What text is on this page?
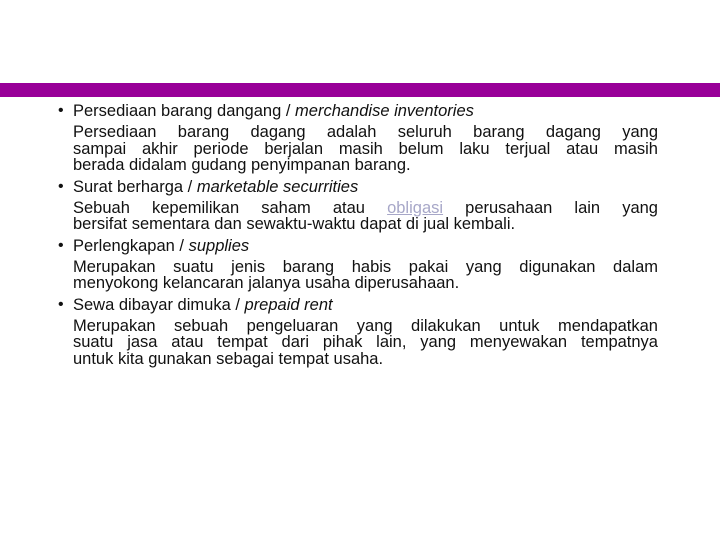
• Persediaan barang dangang / merchandise inventories
Persediaan barang dagang adalah seluruh barang dagang yang
sampai akhir periode berjalan masih belum laku terjual atau masih
berada didalam gudang penyimpanan barang.
• Surat berharga / marketable securrities
Sebuah kepemilikan saham atau obligasi perusahaan lain yang
bersifat sementara dan sewaktu-waktu dapat di jual kembali.
• Perlengkapan / supplies
Merupakan suatu jenis barang habis pakai yang digunakan dalam
menyokong kelancaran jalanya usaha diperusahaan.
• Sewa dibayar dimuka / prepaid rent
Merupakan sebuah pengeluaran yang dilakukan untuk mendapatkan
suatu jasa atau tempat dari pihak lain, yang menyewakan tempatnya
untuk kita gunakan sebagai tempat usaha.
